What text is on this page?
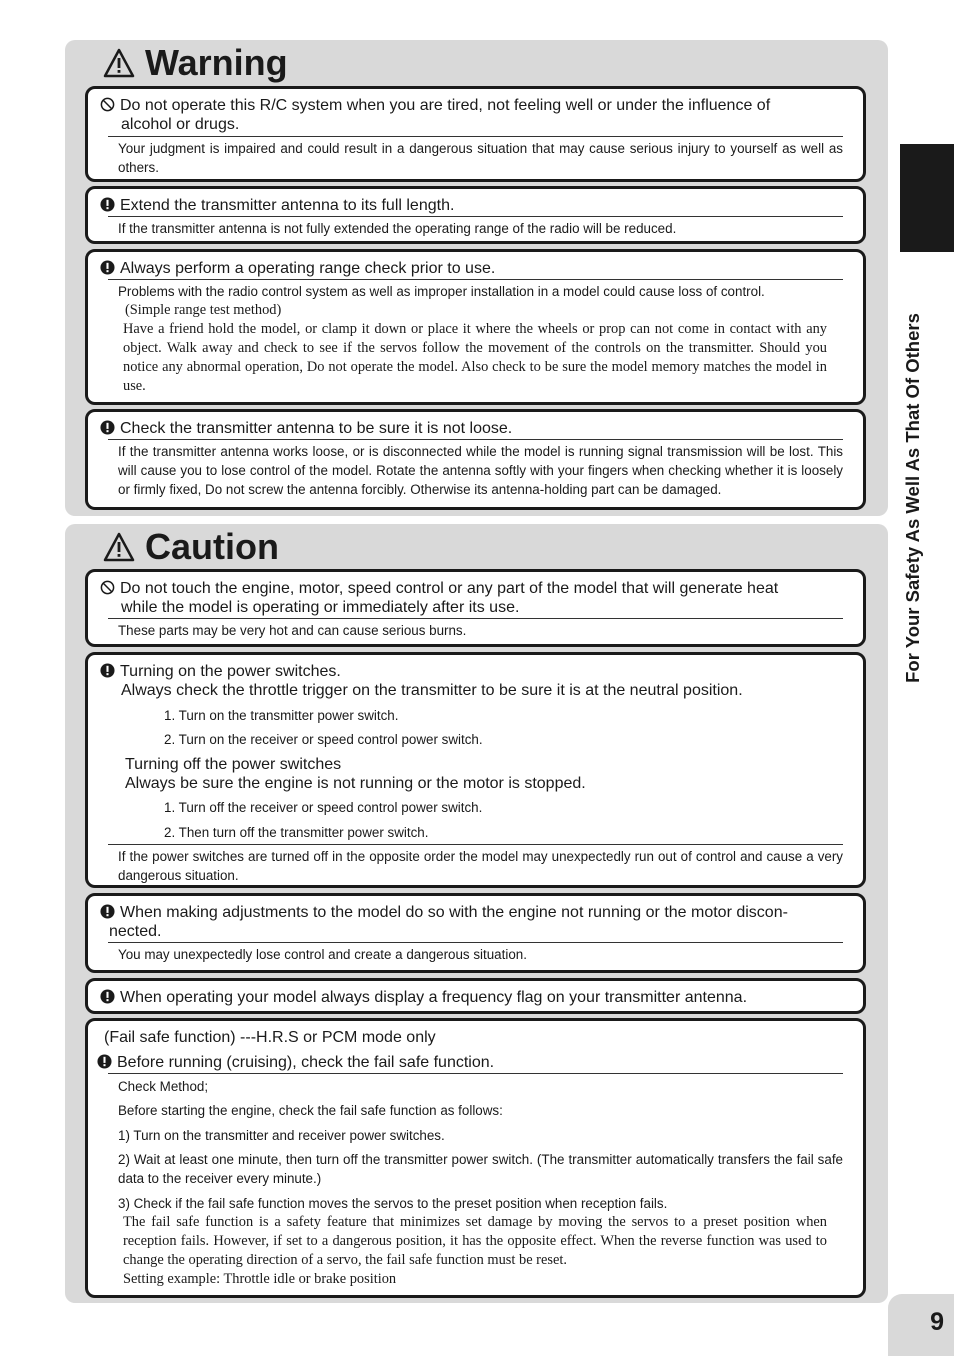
For Your Safety As Well As That Of Others
9
Warning
Do not operate this R/C system when you are tired, not feeling well or under the influence of
alcohol or drugs.
Your judgment is impaired and could result in a dangerous situation that may cause serious injury to yourself as well as others.
Extend the transmitter antenna to its full length.
If the transmitter antenna is not fully extended the operating range of the radio will be reduced.
Always perform a operating range check prior to use.
Problems with the radio control system as well as improper installation in a model could cause loss of control.
(Simple range test method)
Have a friend hold the model, or clamp it down or place it where the wheels or prop can not come in contact with any object. Walk away and check to see if the servos follow the movement of the controls on the transmitter. Should you notice any abnormal operation, Do not operate the model. Also check to be sure the model memory matches the model in use.
Check the transmitter antenna to be sure it is not loose.
If the transmitter antenna works loose, or is disconnected while the model is running signal transmission will be lost. This will cause you to lose control of the model. Rotate the antenna softly with your fingers when checking whether it is loosely or firmly fixed, Do not screw the antenna forcibly. Otherwise its antenna-holding part can be damaged.
Caution
Do not touch the engine, motor, speed control or any part of the model that will generate heat
while the model is operating or immediately after its use.
These parts may be very hot and can cause serious burns.
Turning on the power switches.
Always check the throttle trigger on the transmitter to be sure it is at the neutral position.
1. Turn on the transmitter power switch.
2. Turn on the receiver or speed control power switch.
Turning off the power switches
Always be sure the engine is not running or the motor is stopped.
1. Turn off the receiver or speed control power switch.
2. Then turn off the transmitter power switch.
If the power switches are turned off in the opposite order the model may unexpectedly run out of control and cause a very dangerous situation.
When making adjustments to the model do so with the engine not running or the motor discon-
nected.
You may unexpectedly lose control and create a dangerous situation.
When operating your model always display a frequency flag on your transmitter antenna.
(Fail safe function) ---H.R.S or PCM mode only
Before running (cruising), check the fail safe function.
Check Method;
Before starting the engine, check the fail safe function as follows:
1) Turn on the transmitter and receiver power switches.
2) Wait at least one minute, then turn off the transmitter power switch. (The transmitter automatically transfers the fail safe data to the receiver every minute.)
3) Check if the fail safe function moves the servos to the preset position when reception fails.
The fail safe function is a safety feature that minimizes set damage by moving the servos to a preset position when reception fails. However, if set to a dangerous position, it has the opposite effect. When the reverse function was used to change the operating direction of a servo, the fail safe function must be reset.
Setting example: Throttle idle or brake position
